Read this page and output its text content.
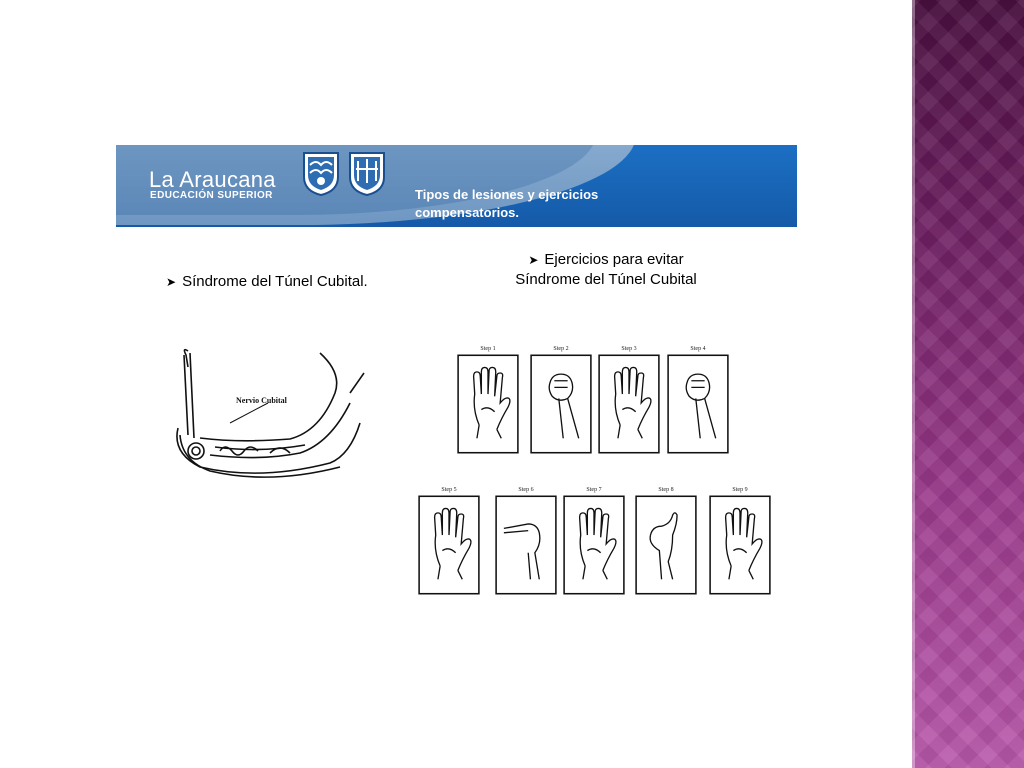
La Araucana
EDUCACIÓN SUPERIOR	Tipos de lesiones y ejercicios compensatorios.
➤ Síndrome del Túnel Cubital.
➤ Ejercicios para evitar
Síndrome del Túnel Cubital
Nervio Cubital
Step 1	Step 2	Step 3	Step 4
Step 5	Step 6	Step 7	Step 8	Step 9
